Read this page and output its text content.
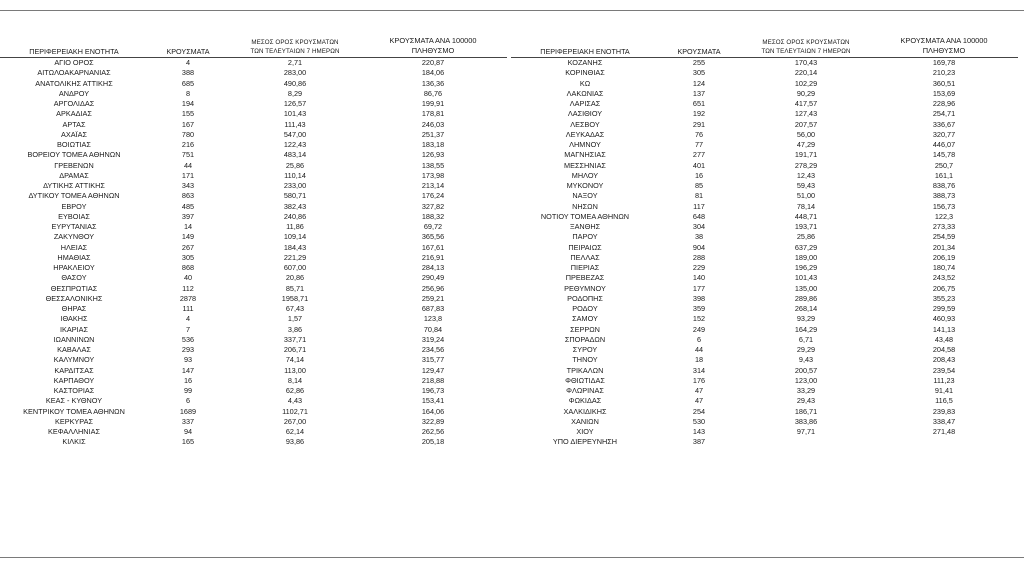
ΠΕΡΙΦΕΡΕΙΑΚΗ ΕΝΟΤΗΤΑ	ΚΡΟΥΣΜΑΤΑ
ΜΕΣΟΣ ΟΡΟΣ ΚΡΟΥΣΜΑΤΩΝ
ΤΩΝ ΤΕΛΕΥΤΑΙΩΝ 7 ΗΜΕΡΩΝ
ΚΡΟΥΣΜΑΤΑ ΑΝΑ 100000
ΠΛΗΘΥΣΜΟ
ΑΓΙΟ ΟΡΟΣ	4	2,71	220,87
ΑΙΤΩΛΟΑΚΑΡΝΑΝΙΑΣ	388	283,00	184,06
ΑΝΑΤΟΛΙΚΗΣ ΑΤΤΙΚΗΣ	685	490,86	136,36
ΑΝΔΡΟΥ	8	8,29	86,76
ΑΡΓΟΛΙΔΑΣ	194	126,57	199,91
ΑΡΚΑΔΙΑΣ	155	101,43	178,81
ΑΡΤΑΣ	167	111,43	246,03
ΑΧΑΪΑΣ	780	547,00	251,37
ΒΟΙΩΤΙΑΣ	216	122,43	183,18
ΒΟΡΕΙΟΥ ΤΟΜΕΑ ΑΘΗΝΩΝ	751	483,14	126,93
ΓΡΕΒΕΝΩΝ	44	25,86	138,55
ΔΡΑΜΑΣ	171	110,14	173,98
ΔΥΤΙΚΗΣ ΑΤΤΙΚΗΣ	343	233,00	213,14
ΔΥΤΙΚΟΥ ΤΟΜΕΑ ΑΘΗΝΩΝ	863	580,71	176,24
ΕΒΡΟΥ	485	382,43	327,82
ΕΥΒΟΙΑΣ	397	240,86	188,32
ΕΥΡΥΤΑΝΙΑΣ	14	11,86	69,72
ΖΑΚΥΝΘΟΥ	149	109,14	365,56
ΗΛΕΙΑΣ	267	184,43	167,61
ΗΜΑΘΙΑΣ	305	221,29	216,91
ΗΡΑΚΛΕΙΟΥ	868	607,00	284,13
ΘΑΣΟΥ	40	20,86	290,49
ΘΕΣΠΡΩΤΙΑΣ	112	85,71	256,96
ΘΕΣΣΑΛΟΝΙΚΗΣ	2878	1958,71	259,21
ΘΗΡΑΣ	111	67,43	687,83
ΙΘΑΚΗΣ	4	1,57	123,8
ΙΚΑΡΙΑΣ	7	3,86	70,84
ΙΩΑΝΝΙΝΩΝ	536	337,71	319,24
ΚΑΒΑΛΑΣ	293	206,71	234,56
ΚΑΛΥΜΝΟΥ	93	74,14	315,77
ΚΑΡΔΙΤΣΑΣ	147	113,00	129,47
ΚΑΡΠΑΘΟΥ	16	8,14	218,88
ΚΑΣΤΟΡΙΑΣ	99	62,86	196,73
ΚΕΑΣ - ΚΥΘΝΟΥ	6	4,43	153,41
ΚΕΝΤΡΙΚΟΥ ΤΟΜΕΑ ΑΘΗΝΩΝ	1689	1102,71	164,06
ΚΕΡΚΥΡΑΣ	337	267,00	322,89
ΚΕΦΑΛΛΗΝΙΑΣ	94	62,14	262,56
ΚΙΛΚΙΣ	165	93,86	205,18
ΠΕΡΙΦΕΡΕΙΑΚΗ ΕΝΟΤΗΤΑ	ΚΡΟΥΣΜΑΤΑ
ΜΕΣΟΣ ΟΡΟΣ ΚΡΟΥΣΜΑΤΩΝ
ΤΩΝ ΤΕΛΕΥΤΑΙΩΝ 7 ΗΜΕΡΩΝ
ΚΡΟΥΣΜΑΤΑ ΑΝΑ 100000
ΠΛΗΘΥΣΜΟ
ΚΟΖΑΝΗΣ	255	170,43	169,78
ΚΟΡΙΝΘΙΑΣ	305	220,14	210,23
ΚΩ	124	102,29	360,51
ΛΑΚΩΝΙΑΣ	137	90,29	153,69
ΛΑΡΙΣΑΣ	651	417,57	228,96
ΛΑΣΙΘΙΟΥ	192	127,43	254,71
ΛΕΣΒΟΥ	291	207,57	336,67
ΛΕΥΚΑΔΑΣ	76	56,00	320,77
ΛΗΜΝΟΥ	77	47,29	446,07
ΜΑΓΝΗΣΙΑΣ	277	191,71	145,78
ΜΕΣΣΗΝΙΑΣ	401	278,29	250,7
ΜΗΛΟΥ	16	12,43	161,1
ΜΥΚΟΝΟΥ	85	59,43	838,76
ΝΑΞΟΥ	81	51,00	388,73
ΝΗΣΩΝ	117	78,14	156,73
ΝΟΤΙΟΥ ΤΟΜΕΑ ΑΘΗΝΩΝ	648	448,71	122,3
ΞΑΝΘΗΣ	304	193,71	273,33
ΠΑΡΟΥ	38	25,86	254,59
ΠΕΙΡΑΙΩΣ	904	637,29	201,34
ΠΕΛΛΑΣ	288	189,00	206,19
ΠΙΕΡΙΑΣ	229	196,29	180,74
ΠΡΕΒΕΖΑΣ	140	101,43	243,52
ΡΕΘΥΜΝΟΥ	177	135,00	206,75
ΡΟΔΟΠΗΣ	398	289,86	355,23
ΡΟΔΟΥ	359	268,14	299,59
ΣΑΜΟΥ	152	93,29	460,93
ΣΕΡΡΩΝ	249	164,29	141,13
ΣΠΟΡΑΔΩΝ	6	6,71	43,48
ΣΥΡΟΥ	44	29,29	204,58
ΤΗΝΟΥ	18	9,43	208,43
ΤΡΙΚΑΛΩΝ	314	200,57	239,54
ΦΘΙΩΤΙΔΑΣ	176	123,00	111,23
ΦΛΩΡΙΝΑΣ	47	33,29	91,41
ΦΩΚΙΔΑΣ	47	29,43	116,5
ΧΑΛΚΙΔΙΚΗΣ	254	186,71	239,83
ΧΑΝΙΩΝ	530	383,86	338,47
ΧΙΟΥ	143	97,71	271,48
ΥΠΟ ΔΙΕΡΕΥΝΗΣΗ	387
